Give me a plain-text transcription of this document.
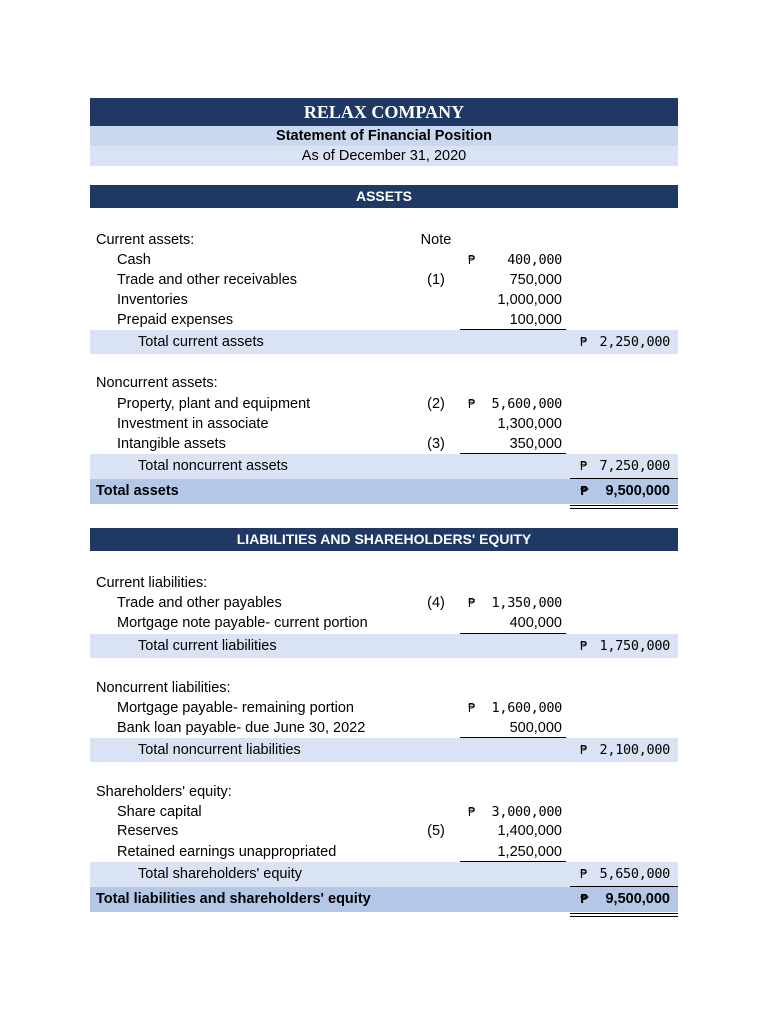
RELAX COMPANY
Statement of Financial Position
As of December 31, 2020
ASSETS
Current assets:	Note
Cash	₱	400,000
Trade and other receivables	(1)	750,000
Inventories	1,000,000
Prepaid expenses	100,000
Total current assets	₱ 2,250,000
Noncurrent assets:
Property, plant and equipment	(2)	₱	5,600,000
Investment in associate	1,300,000
Intangible assets	(3)	350,000
Total noncurrent assets	₱ 7,250,000
Total assets	₱	9,500,000
LIABILITIES AND SHAREHOLDERS' EQUITY
Current liabilities:
Trade and other payables	(4)	₱	1,350,000
Mortgage note payable- current portion	400,000
Total current liabilities	₱ 1,750,000
Noncurrent liabilities:
Mortgage payable- remaining portion	₱	1,600,000
Bank loan payable- due June 30, 2022	500,000
Total noncurrent liabilities	₱ 2,100,000
Shareholders' equity:
Share capital	₱	3,000,000
Reserves	(5)	1,400,000
Retained earnings unappropriated	1,250,000
Total shareholders' equity	₱ 5,650,000
Total liabilities and shareholders' equity	₱	9,500,000
